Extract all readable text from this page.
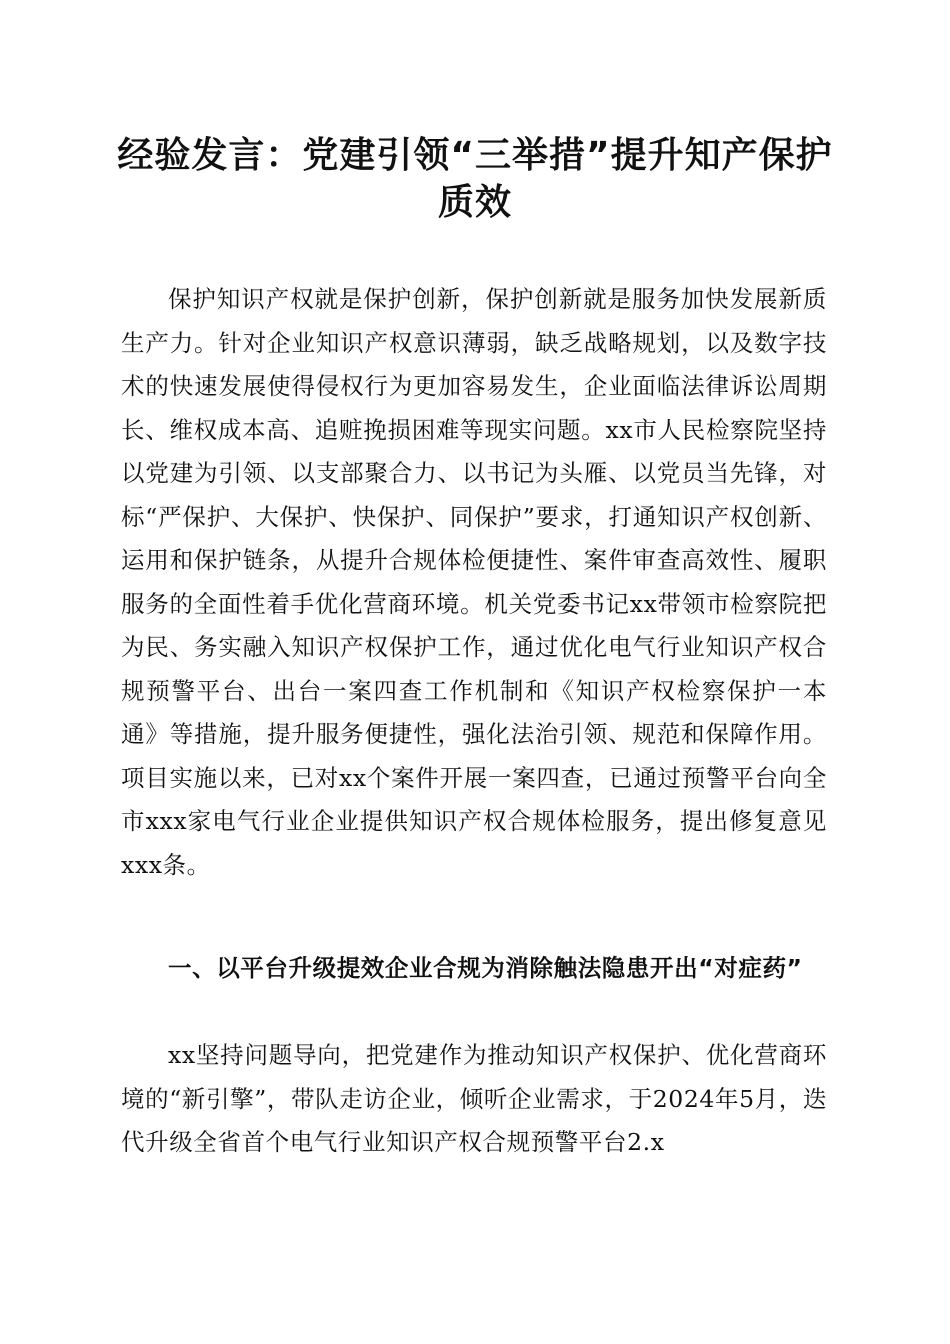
经验发言：党建引领“三举措”提升知产保护质效

保护知识产权就是保护创新，保护创新就是服务加快发展新质生产力。针对企业知识产权意识薄弱，缺乏战略规划，以及数字技术的快速发展使得侵权行为更加容易发生，企业面临法律诉讼周期长、维权成本高、追赃挽损困难等现实问题。xx市人民检察院坚持以党建为引领、以支部聚合力、以书记为头雁、以党员当先锋，对标“严保护、大保护、快保护、同保护”要求，打通知识产权创新、运用和保护链条，从提升合规体检便捷性、案件审查高效性、履职服务的全面性着手优化营商环境。机关党委书记xx带领市检察院把为民、务实融入知识产权保护工作，通过优化电气行业知识产权合规预警平台、出台一案四查工作机制和《知识产权检察保护一本通》等措施，提升服务便捷性，强化法治引领、规范和保障作用。项目实施以来，已对xx个案件开展一案四查，已通过预警平台向全市xxx家电气行业企业提供知识产权合规体检服务，提出修复意见xxx条。

一、以平台升级提效企业合规为消除触法隐患开出“对症药”

xx坚持问题导向，把党建作为推动知识产权保护、优化营商环境的“新引擎”，带队走访企业，倾听企业需求，于2024年5月，迭代升级全省首个电气行业知识产权合规预警平台2.x
